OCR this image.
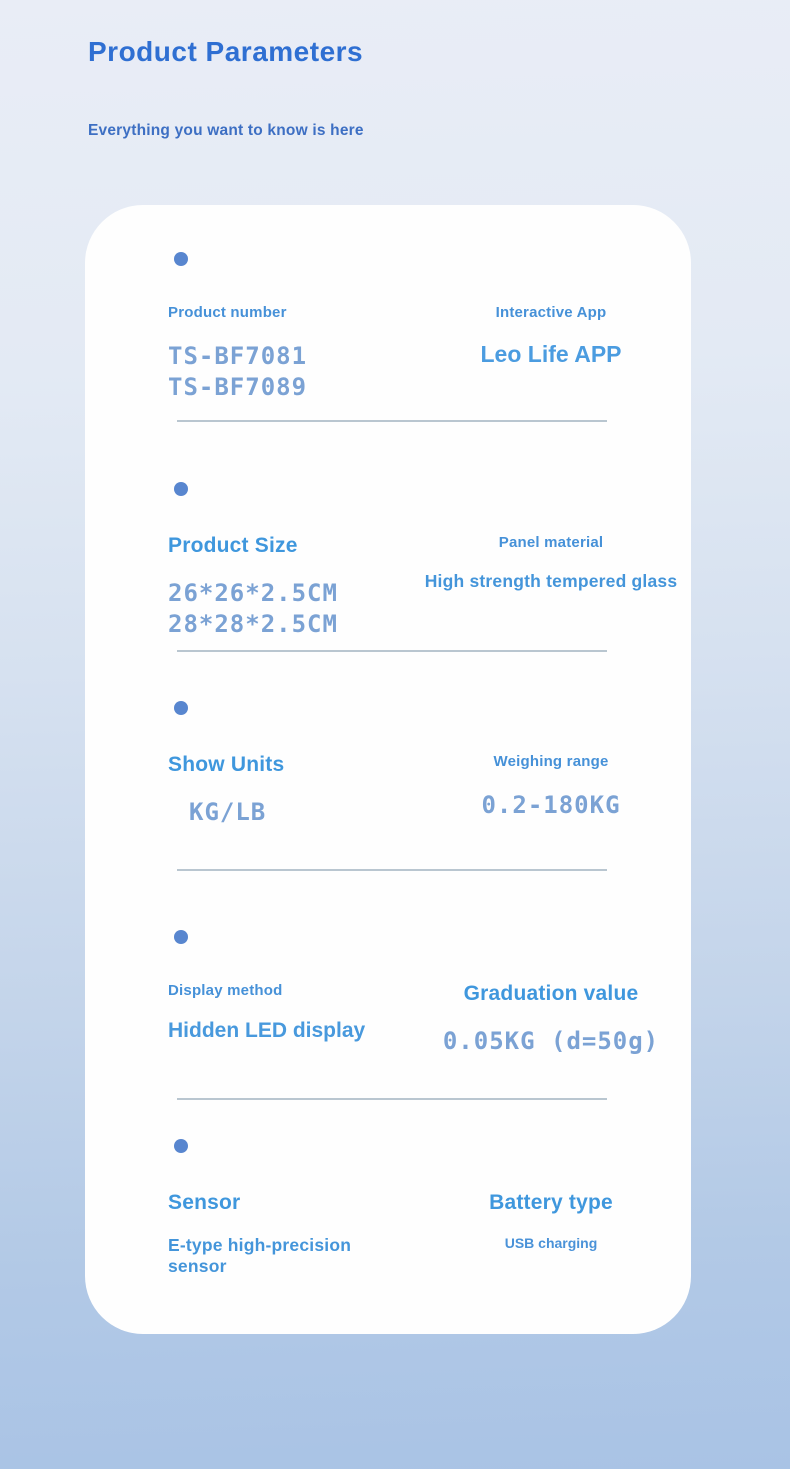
Product Parameters
Everything you want to know is here
Product number
TS-BF7081
TS-BF7089
Interactive App
Leo Life APP
Product Size
26*26*2.5CM
28*28*2.5CM
Panel material
High strength tempered glass
Show Units
KG/LB
Weighing range
0.2-180KG
Display method
Hidden LED display
Graduation value
0.05KG (d=50g)
Sensor
E-type high-precision sensor
Battery type
USB charging
